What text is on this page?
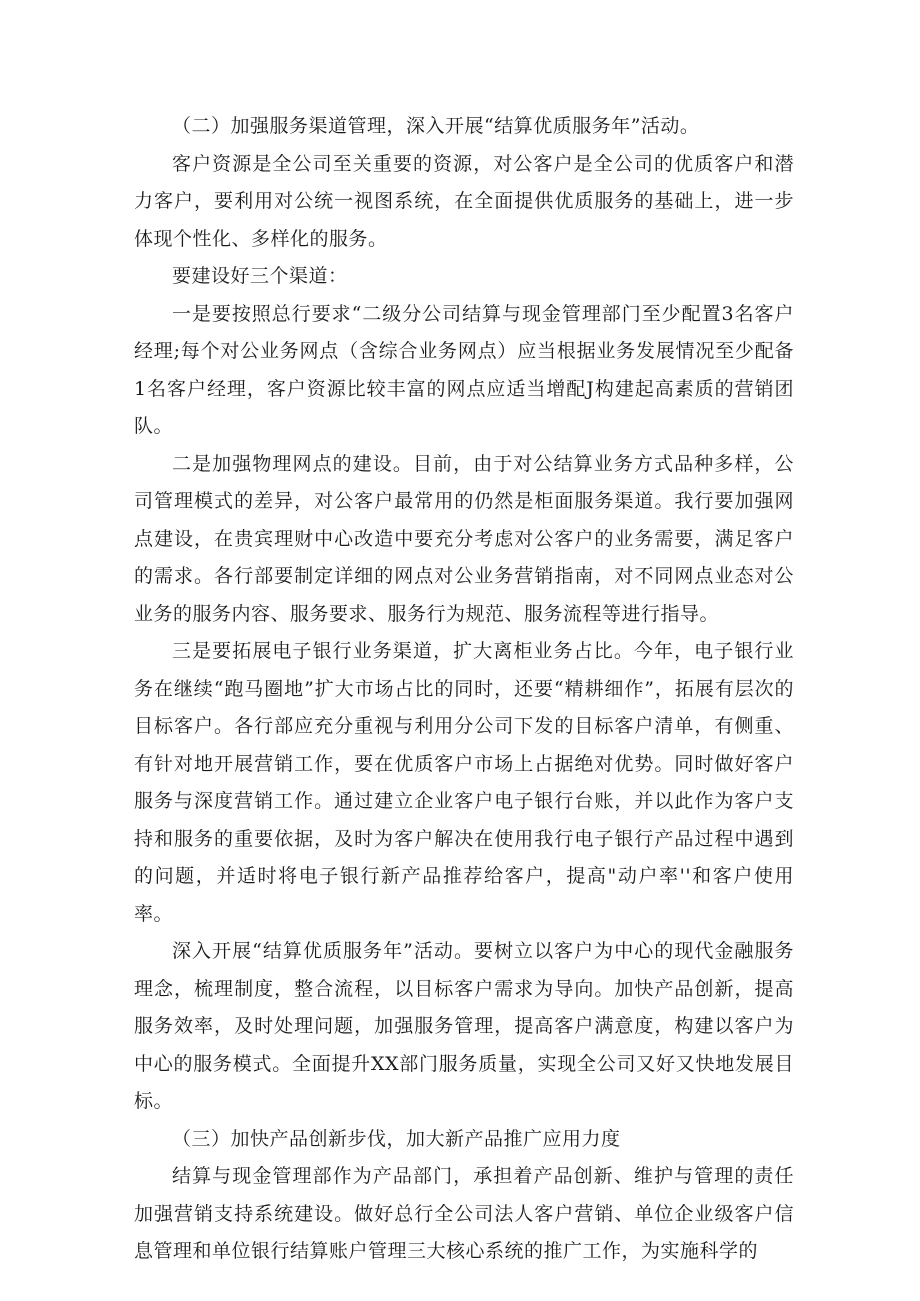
（二）加强服务渠道管理，深入开展“结算优质服务年”活动。

客户资源是全公司至关重要的资源，对公客户是全公司的优质客户和潜力客户，要利用对公统一视图系统，在全面提供优质服务的基础上，进一步体现个性化、多样化的服务。

要建设好三个渠道：

一是要按照总行要求“二级分公司结算与现金管理部门至少配置3名客户经理;每个对公业务网点（含综合业务网点）应当根据业务发展情况至少配备1名客户经理，客户资源比较丰富的网点应适当增配J构建起高素质的营销团队。

二是加强物理网点的建设。目前，由于对公结算业务方式品种多样，公司管理模式的差异，对公客户最常用的仍然是柜面服务渠道。我行要加强网点建设，在贵宾理财中心改造中要充分考虑对公客户的业务需要，满足客户的需求。各行部要制定详细的网点对公业务营销指南，对不同网点业态对公业务的服务内容、服务要求、服务行为规范、服务流程等进行指导。

三是要拓展电子银行业务渠道，扩大离柜业务占比。今年，电子银行业务在继续“跑马圈地”扩大市场占比的同时，还要“精耕细作”，拓展有层次的目标客户。各行部应充分重视与利用分公司下发的目标客户清单，有侧重、有针对地开展营销工作，要在优质客户市场上占据绝对优势。同时做好客户服务与深度营销工作。通过建立企业客户电子银行台账，并以此作为客户支持和服务的重要依据，及时为客户解决在使用我行电子银行产品过程中遇到的问题，并适时将电子银行新产品推荐给客户，提高"动户率''和客户使用率。

深入开展“结算优质服务年”活动。要树立以客户为中心的现代金融服务理念，梳理制度，整合流程，以目标客户需求为导向。加快产品创新，提高服务效率，及时处理问题，加强服务管理，提高客户满意度，构建以客户为中心的服务模式。全面提升XX部门服务质量，实现全公司又好又快地发展目标。

（三）加快产品创新步伐，加大新产品推广应用力度

结算与现金管理部作为产品部门，承担着产品创新、维护与管理的责任加强营销支持系统建设。做好总行全公司法人客户营销、单位企业级客户信息管理和单位银行结算账户管理三大核心系统的推广工作，为实施科学的
